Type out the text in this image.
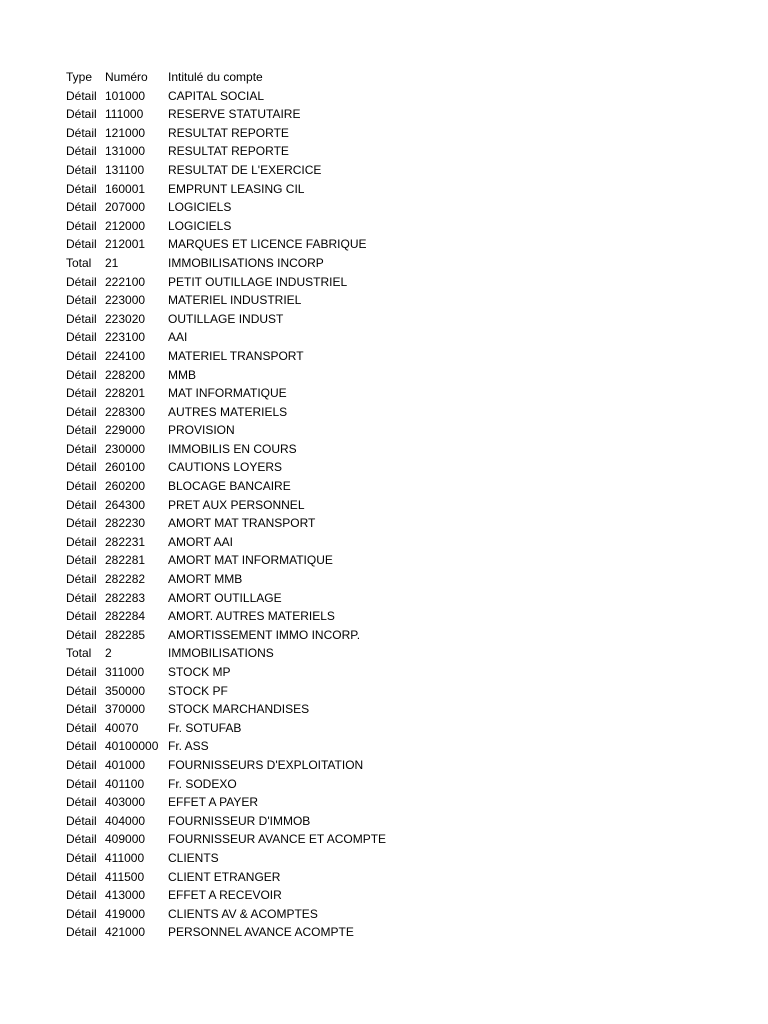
Type	Numéro	Intitulé du compte
Détail 101000	CAPITAL SOCIAL
Détail 111000	RESERVE STATUTAIRE
Détail 121000	RESULTAT REPORTE
Détail 131000	RESULTAT REPORTE
Détail 131100	RESULTAT DE L'EXERCICE
Détail 160001	EMPRUNT LEASING CIL
Détail 207000	LOGICIELS
Détail 212000	LOGICIELS
Détail 212001	MARQUES ET LICENCE FABRIQUE
Total	21	IMMOBILISATIONS INCORP
Détail 222100	PETIT OUTILLAGE INDUSTRIEL
Détail 223000	MATERIEL INDUSTRIEL
Détail 223020	OUTILLAGE INDUST
Détail 223100	AAI
Détail 224100	MATERIEL TRANSPORT
Détail 228200	MMB
Détail 228201	MAT INFORMATIQUE
Détail 228300	AUTRES MATERIELS
Détail 229000	PROVISION
Détail 230000	IMMOBILIS EN COURS
Détail 260100	CAUTIONS LOYERS
Détail 260200	BLOCAGE BANCAIRE
Détail 264300	PRET AUX PERSONNEL
Détail 282230	AMORT MAT TRANSPORT
Détail 282231	AMORT AAI
Détail 282281	AMORT MAT INFORMATIQUE
Détail 282282	AMORT MMB
Détail 282283	AMORT OUTILLAGE
Détail 282284	AMORT. AUTRES MATERIELS
Détail 282285	AMORTISSEMENT IMMO INCORP.
Total	2	IMMOBILISATIONS
Détail 311000	STOCK MP
Détail 350000	STOCK PF
Détail 370000	STOCK MARCHANDISES
Détail 40070	Fr. SOTUFAB
Détail 40100000 Fr. ASS
Détail 401000	FOURNISSEURS D'EXPLOITATION
Détail 401100	Fr. SODEXO
Détail 403000	EFFET A PAYER
Détail 404000	FOURNISSEUR D'IMMOB
Détail 409000	FOURNISSEUR AVANCE ET ACOMPTE
Détail 411000	CLIENTS
Détail 411500	CLIENT ETRANGER
Détail 413000	EFFET A RECEVOIR
Détail 419000	CLIENTS AV & ACOMPTES
Détail 421000	PERSONNEL AVANCE ACOMPTE
